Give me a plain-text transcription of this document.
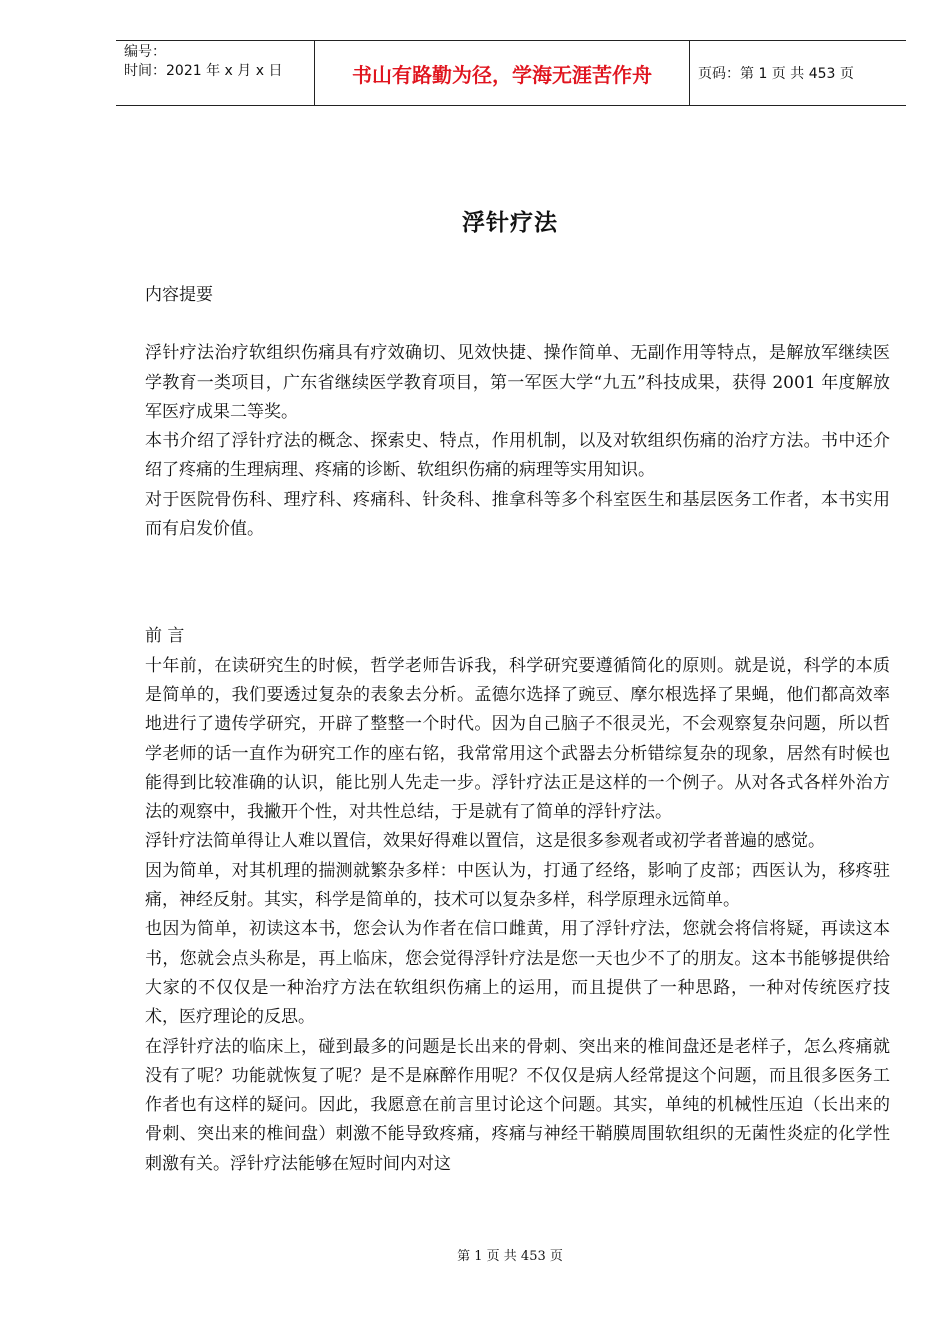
编号：
时间：2021 年 x 月 x 日	书山有路勤为径，学海无涯苦作舟	页码：第 1 页 共 453 页
浮针疗法

内容提要

浮针疗法治疗软组织伤痛具有疗效确切、见效快捷、操作简单、无副作用等特点，是解放军继续医学教育一类项目，广东省继续医学教育项目，第一军医大学“九五”科技成果，获得 2001 年度解放军医疗成果二等奖。

本书介绍了浮针疗法的概念、探索史、特点，作用机制，以及对软组织伤痛的治疗方法。书中还介绍了疼痛的生理病理、疼痛的诊断、软组织伤痛的病理等实用知识。

对于医院骨伤科、理疗科、疼痛科、针灸科、推拿科等多个科室医生和基层医务工作者，本书实用而有启发价值。

前 言

十年前，在读研究生的时候，哲学老师告诉我，科学研究要遵循简化的原则。就是说，科学的本质是简单的，我们要透过复杂的表象去分析。孟德尔选择了豌豆、摩尔根选择了果蝇，他们都高效率地进行了遗传学研究，开辟了整整一个时代。因为自己脑子不很灵光，不会观察复杂问题，所以哲学老师的话一直作为研究工作的座右铭，我常常用这个武器去分析错综复杂的现象，居然有时候也能得到比较准确的认识，能比别人先走一步。浮针疗法正是这样的一个例子。从对各式各样外治方法的观察中，我撇开个性，对共性总结，于是就有了简单的浮针疗法。

浮针疗法简单得让人难以置信，效果好得难以置信，这是很多参观者或初学者普遍的感觉。

因为简单，对其机理的揣测就繁杂多样：中医认为，打通了经络，影响了皮部；西医认为，移疼驻痛，神经反射。其实，科学是简单的，技术可以复杂多样，科学原理永远简单。

也因为简单，初读这本书，您会认为作者在信口雌黄，用了浮针疗法，您就会将信将疑，再读这本书，您就会点头称是，再上临床，您会觉得浮针疗法是您一天也少不了的朋友。这本书能够提供给大家的不仅仅是一种治疗方法在软组织伤痛上的运用，而且提供了一种思路，一种对传统医疗技术，医疗理论的反思。

在浮针疗法的临床上，碰到最多的问题是长出来的骨刺、突出来的椎间盘还是老样子，怎么疼痛就没有了呢？功能就恢复了呢？是不是麻醉作用呢？不仅仅是病人经常提这个问题，而且很多医务工作者也有这样的疑问。因此，我愿意在前言里讨论这个问题。其实，单纯的机械性压迫（长出来的骨刺、突出来的椎间盘）刺激不能导致疼痛，疼痛与神经干鞘膜周围软组织的无菌性炎症的化学性刺激有关。浮针疗法能够在短时间内对这

第 1 页 共 453 页
